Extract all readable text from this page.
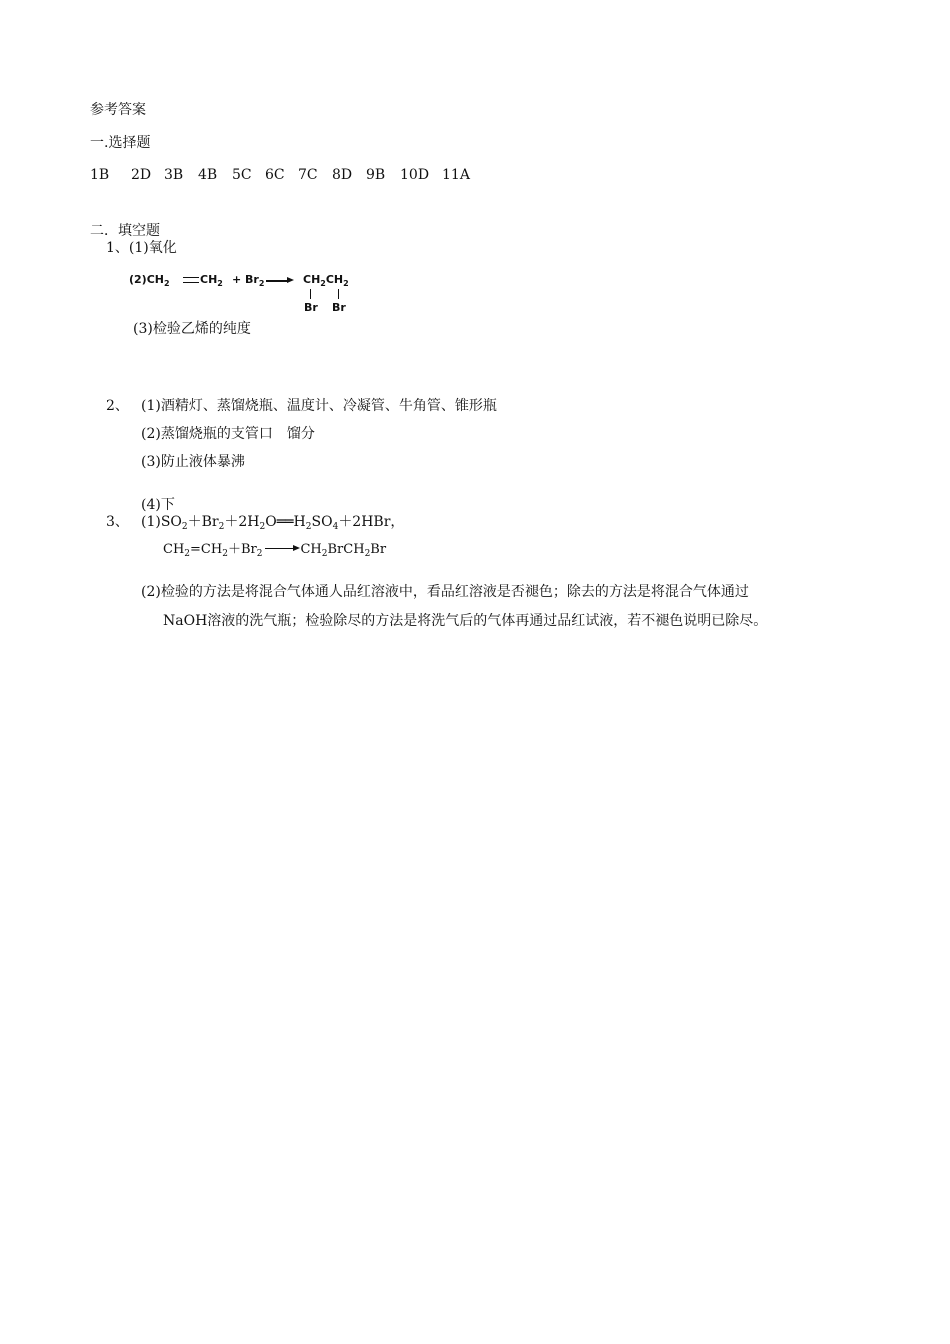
参考答案
一.选择题
1B 2D 3B 4B 5C 6C 7C 8D 9B 10D 11A
二．填空题
1、(1)氧化
$(2)CH_2$	$CH_2 + Br_2$	$CH_2CH_2$
Br Br
(3)检验乙烯的纯度
2、 (1)酒精灯、蒸馏烧瓶、温度计、冷凝管、牛角管、锥形瓶
(2)蒸馏烧瓶的支管口　馏分
(3)防止液体暴沸
(4)下
3、 $(1)SO_2+Br_2+2H_2O══H_2SO_4+2HBr$，
$CH_2=CH_2+Br_2$	$CH_2BrCH_2Br$
(2)检验的方法是将混合气体通人品红溶液中，看品红溶液是否褪色；除去的方法是将混合气体通过
NaOH溶液的洗气瓶；检验除尽的方法是将洗气后的气体再通过品红试液，若不褪色说明已除尽。
